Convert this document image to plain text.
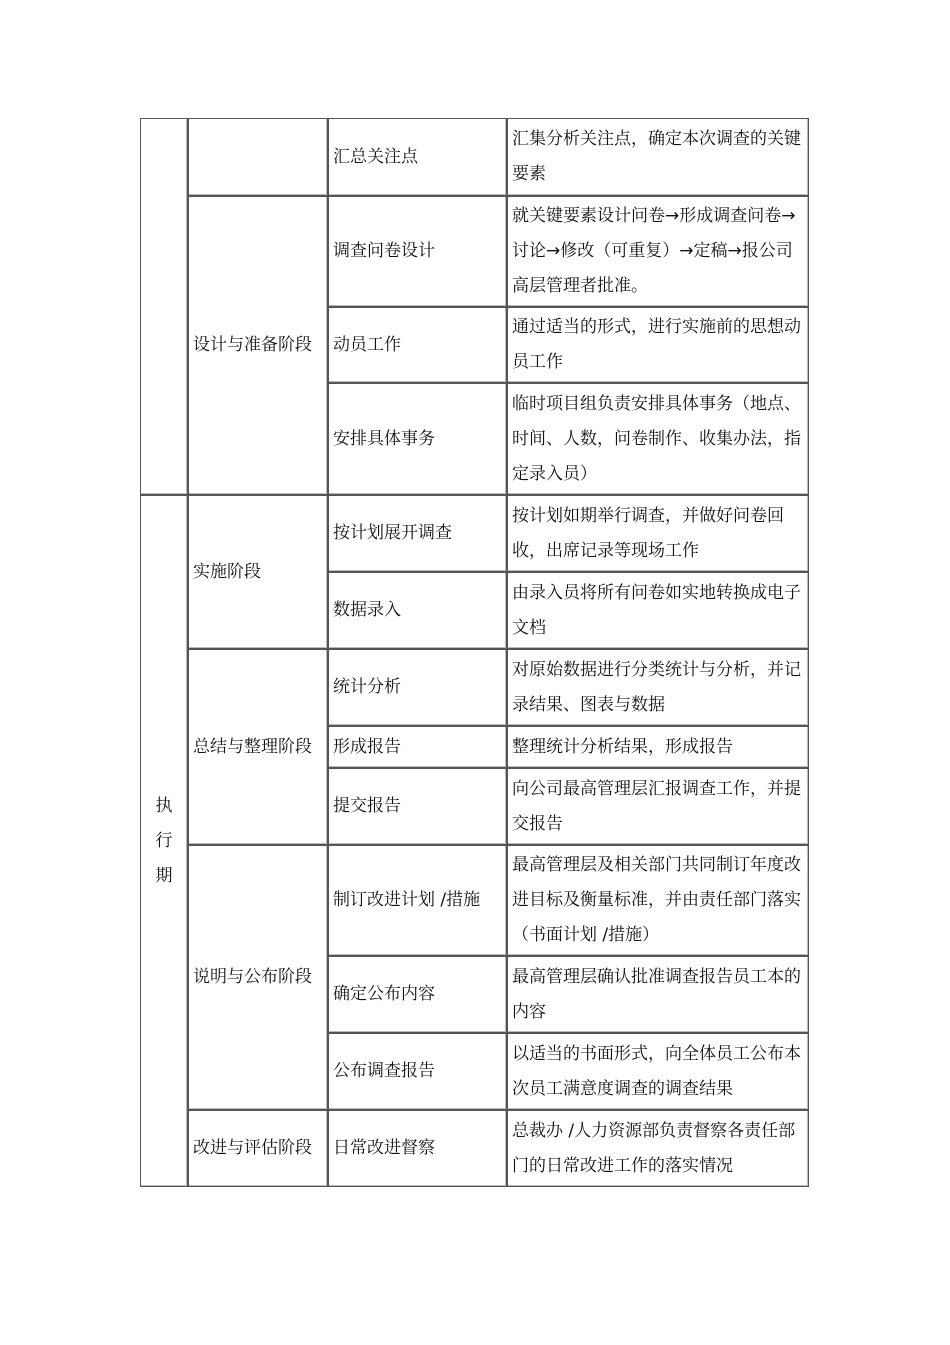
		汇总关注点	汇集分析关注点，确定本次调查的关键要素
	设计与准备阶段	调查问卷设计	就关键要素设计问卷→形成调查问卷→讨论→修改（可重复）→定稿→报公司高层管理者批准。
		动员工作	通过适当的形式，进行实施前的思想动员工作
		安排具体事务	临时项目组负责安排具体事务（地点、时间、人数，问卷制作、收集办法，指定录入员）

执行期	实施阶段	按计划展开调查	按计划如期举行调查，并做好问卷回收，出席记录等现场工作
		数据录入	由录入员将所有问卷如实地转换成电子文档
	总结与整理阶段	统计分析	对原始数据进行分类统计与分析，并记录结果、图表与数据
		形成报告	整理统计分析结果，形成报告
		提交报告	向公司最高管理层汇报调查工作，并提交报告
	说明与公布阶段	制订改进计划 /措施	最高管理层及相关部门共同制订年度改进目标及衡量标准，并由责任部门落实（书面计划 /措施）
		确定公布内容	最高管理层确认批准调查报告员工本的内容
		公布调查报告	以适当的书面形式，向全体员工公布本次员工满意度调查的调查结果
	改进与评估阶段	日常改进督察	总裁办 /人力资源部负责督察各责任部门的日常改进工作的落实情况
